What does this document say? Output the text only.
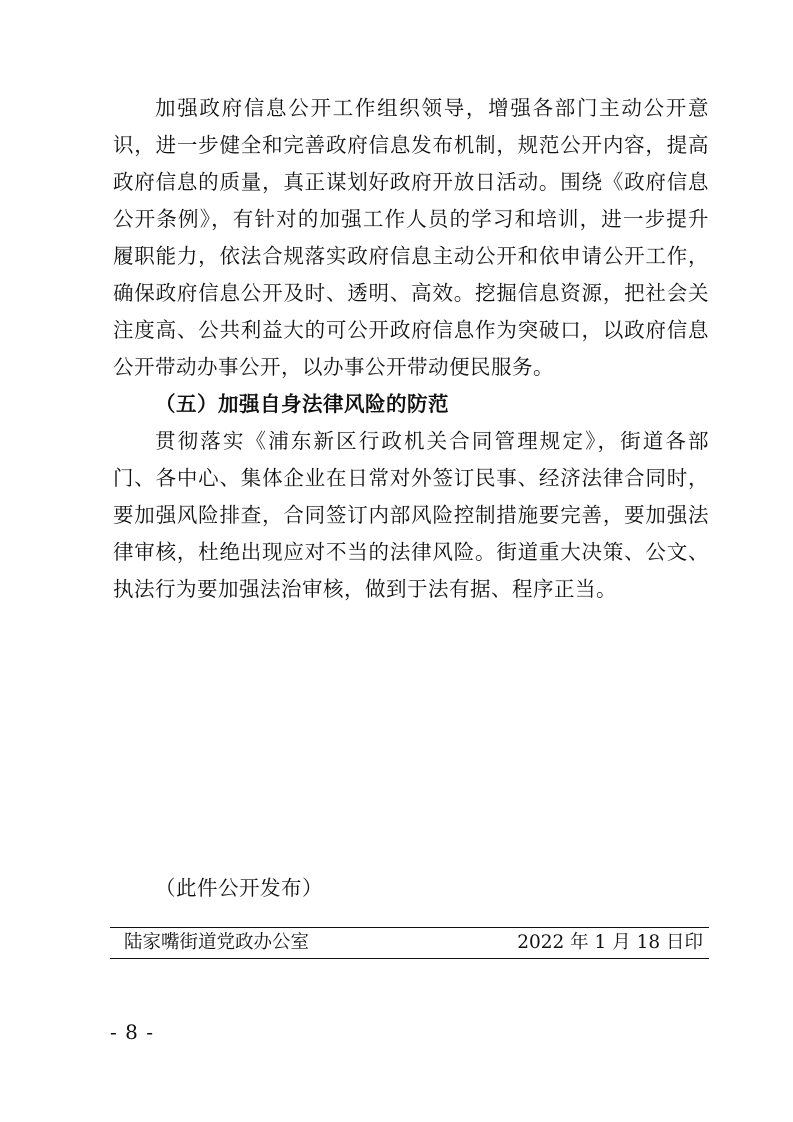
加强政府信息公开工作组织领导，增强各部门主动公开意识，进一步健全和完善政府信息发布机制，规范公开内容，提高政府信息的质量，真正谋划好政府开放日活动。围绕《政府信息公开条例》，有针对的加强工作人员的学习和培训，进一步提升履职能力，依法合规落实政府信息主动公开和依申请公开工作，确保政府信息公开及时、透明、高效。挖掘信息资源，把社会关注度高、公共利益大的可公开政府信息作为突破口，以政府信息公开带动办事公开，以办事公开带动便民服务。

（五）加强自身法律风险的防范

贯彻落实《浦东新区行政机关合同管理规定》，街道各部门、各中心、集体企业在日常对外签订民事、经济法律合同时，要加强风险排查，合同签订内部风险控制措施要完善，要加强法律审核，杜绝出现应对不当的法律风险。街道重大决策、公文、执法行为要加强法治审核，做到于法有据、程序正当。

（此件公开发布）
陆家嘴街道党政办公室	2022 年 1 月 18 日印
- 8 -
